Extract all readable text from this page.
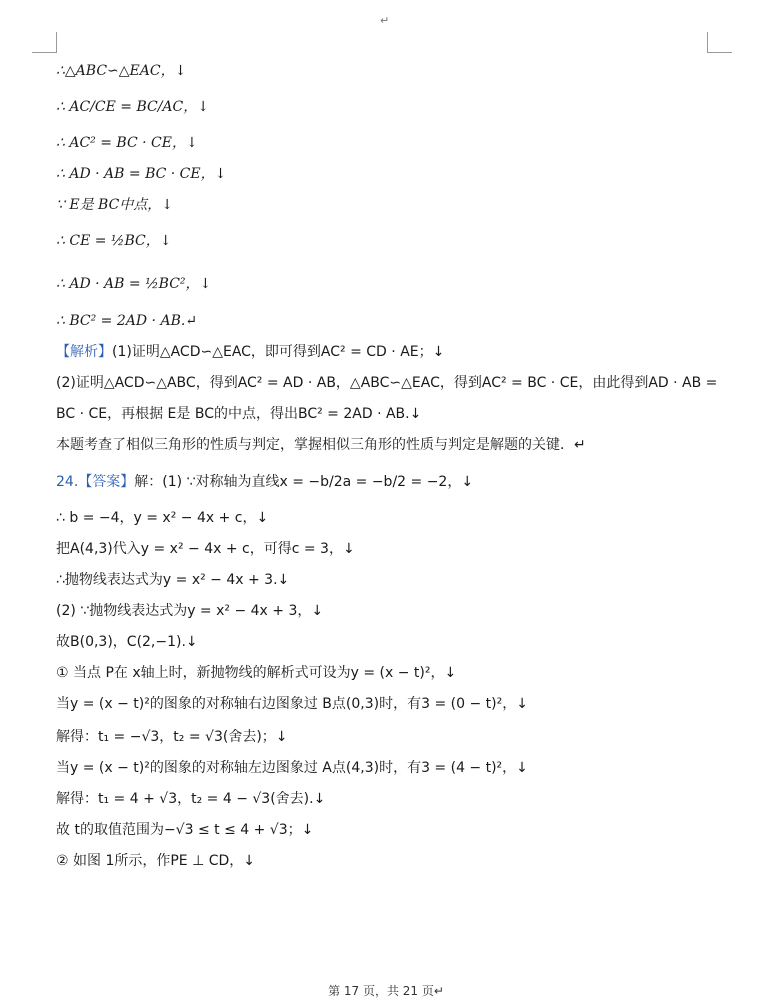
↵
∴△ABC∽△EAC，↓
∴ AC/CE = BC/AC，↓
∴ AC² = BC · CE，↓
∴ AD · AB = BC · CE，↓
∵ E是 BC中点，↓
∴ CE = ½BC，↓
∴ AD · AB = ½BC²，↓
∴ BC² = 2AD · AB.↵
【解析】(1)证明△ACD∽△EAC，即可得到AC² = CD · AE；↓
(2)证明△ACD∽△ABC，得到AC² = AD · AB，△ABC∽△EAC，得到AC² = BC · CE，由此得到AD · AB =
BC · CE，再根据 E是 BC的中点，得出BC² = 2AD · AB.↓
本题考查了相似三角形的性质与判定，掌握相似三角形的性质与判定是解题的关键．↵
24.【答案】解：(1) ∵对称轴为直线x = −b/2a = −b/2 = −2，↓
∴ b = −4，y = x² − 4x + c，↓
把A(4,3)代入y = x² − 4x + c，可得c = 3，↓
∴抛物线表达式为y = x² − 4x + 3.↓
(2) ∵抛物线表达式为y = x² − 4x + 3，↓
故B(0,3)，C(2,−1).↓
① 当点 P在 x轴上时，新抛物线的解析式可设为y = (x − t)²，↓
当y = (x − t)²的图象的对称轴右边图象过 B点(0,3)时，有3 = (0 − t)²，↓
解得：t₁ = −√3，t₂ = √3(舍去)；↓
当y = (x − t)²的图象的对称轴左边图象过 A点(4,3)时，有3 = (4 − t)²，↓
解得：t₁ = 4 + √3，t₂ = 4 − √3(舍去).↓
故 t的取值范围为−√3 ≤ t ≤ 4 + √3；↓
② 如图 1所示，作PE ⊥ CD，↓
第 17 页，共 21 页↵
